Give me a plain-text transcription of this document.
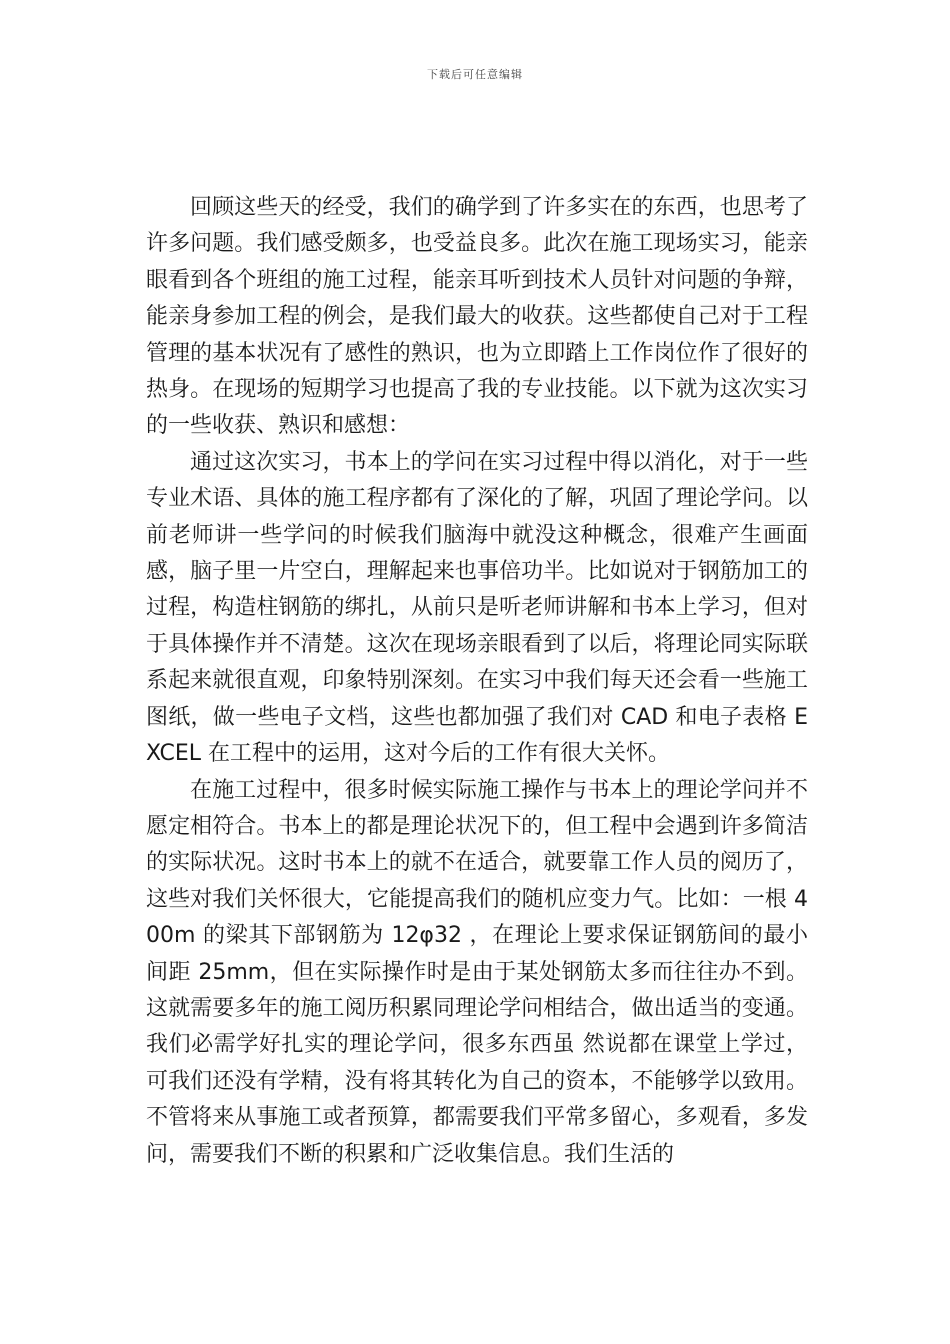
下载后可任意编辑

回顾这些天的经受，我们的确学到了许多实在的东西，也思考了许多问题。我们感受颇多，也受益良多。此次在施工现场实习，能亲眼看到各个班组的施工过程，能亲耳听到技术人员针对问题的争辩，能亲身参加工程的例会，是我们最大的收获。这些都使自己对于工程管理的基本状况有了感性的熟识，也为立即踏上工作岗位作了很好的热身。在现场的短期学习也提高了我的专业技能。以下就为这次实习的一些收获、熟识和感想：

通过这次实习，书本上的学问在实习过程中得以消化，对于一些专业术语、具体的施工程序都有了深化的了解，巩固了理论学问。以前老师讲一些学问的时候我们脑海中就没这种概念，很难产生画面感，脑子里一片空白，理解起来也事倍功半。比如说对于钢筋加工的过程，构造柱钢筋的绑扎，从前只是听老师讲解和书本上学习，但对于具体操作并不清楚。这次在现场亲眼看到了以后，将理论同实际联系起来就很直观，印象特别深刻。在实习中我们每天还会看一些施工图纸，做一些电子文档，这些也都加强了我们对 CAD 和电子表格 EXCEL 在工程中的运用，这对今后的工作有很大关怀。

在施工过程中，很多时候实际施工操作与书本上的理论学问并不愿定相符合。书本上的都是理论状况下的，但工程中会遇到许多简洁的实际状况。这时书本上的就不在适合，就要靠工作人员的阅历了，这些对我们关怀很大，它能提高我们的随机应变力气。比如：一根 400m 的梁其下部钢筋为 12φ32 ，在理论上要求保证钢筋间的最小间距 25mm，但在实际操作时是由于某处钢筋太多而往往办不到。这就需要多年的施工阅历积累同理论学问相结合，做出适当的变通。我们必需学好扎实的理论学问，很多东西虽 然说都在课堂上学过，可我们还没有学精，没有将其转化为自己的资本，不能够学以致用。不管将来从事施工或者预算，都需要我们平常多留心，多观看，多发问，需要我们不断的积累和广泛收集信息。我们生活的
